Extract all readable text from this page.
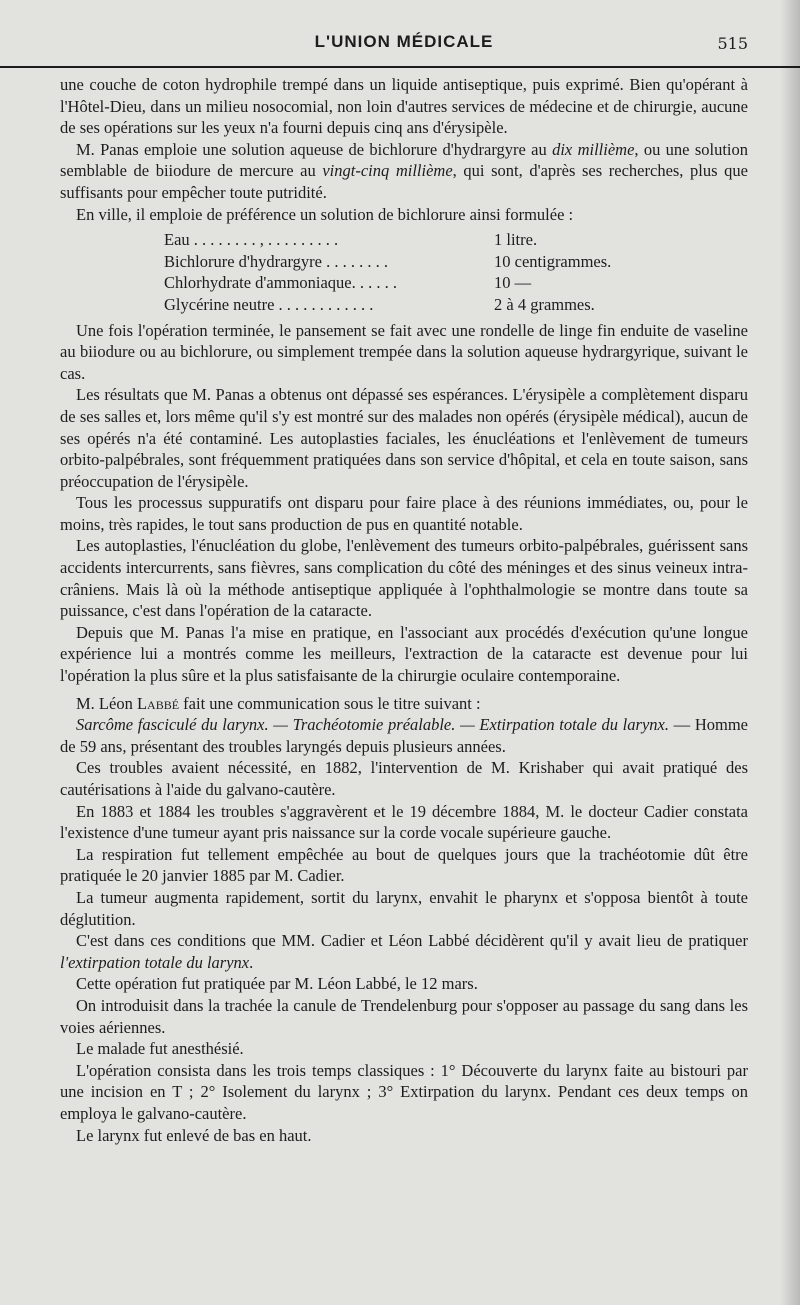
L'UNION MÉDICALE	515

une couche de coton hydrophile trempé dans un liquide antiseptique, puis exprimé. Bien qu'opérant à l'Hôtel-Dieu, dans un milieu nosocomial, non loin d'autres services de médecine et de chirurgie, aucune de ses opérations sur les yeux n'a fourni depuis cinq ans d'érysipèle.

M. Panas emploie une solution aqueuse de bichlorure d'hydrargyre au dix millième, ou une solution semblable de biiodure de mercure au vingt-cinq millième, qui sont, d'après ses recherches, plus que suffisants pour empêcher toute putridité.

En ville, il emploie de préférence un solution de bichlorure ainsi formulée :

Eau . . . . . . . . , . . . . . . . . .	1 litre.
Bichlorure d'hydrargyre . . . . . . . .	10 centigrammes.
Chlorhydrate d'ammoniaque. . . . . .	10 —
Glycérine neutre . . . . . . . . . . . .	2 à 4 grammes.

Une fois l'opération terminée, le pansement se fait avec une rondelle de linge fin enduite de vaseline au biiodure ou au bichlorure, ou simplement trempée dans la solution aqueuse hydrargyrique, suivant le cas.

Les résultats que M. Panas a obtenus ont dépassé ses espérances. L'érysipèle a complètement disparu de ses salles et, lors même qu'il s'y est montré sur des malades non opérés (érysipèle médical), aucun de ses opérés n'a été contaminé. Les autoplasties faciales, les énucléations et l'enlèvement de tumeurs orbito-palpébrales, sont fréquemment pratiquées dans son service d'hôpital, et cela en toute saison, sans préoccupation de l'érysipèle.

Tous les processus suppuratifs ont disparu pour faire place à des réunions immédiates, ou, pour le moins, très rapides, le tout sans production de pus en quantité notable.

Les autoplasties, l'énucléation du globe, l'enlèvement des tumeurs orbito-palpébrales, guérissent sans accidents intercurrents, sans fièvres, sans complication du côté des méninges et des sinus veineux intra-crâniens. Mais là où la méthode antiseptique appliquée à l'ophthalmologie se montre dans toute sa puissance, c'est dans l'opération de la cataracte.

Depuis que M. Panas l'a mise en pratique, en l'associant aux procédés d'exécution qu'une longue expérience lui a montrés comme les meilleurs, l'extraction de la cataracte est devenue pour lui l'opération la plus sûre et la plus satisfaisante de la chirurgie oculaire contemporaine.

M. Léon Labbé fait une communication sous le titre suivant :

Sarcôme fasciculé du larynx. — Trachéotomie préalable. — Extirpation totale du larynx. — Homme de 59 ans, présentant des troubles laryngés depuis plusieurs années.

Ces troubles avaient nécessité, en 1882, l'intervention de M. Krishaber qui avait pratiqué des cautérisations à l'aide du galvano-cautère.

En 1883 et 1884 les troubles s'aggravèrent et le 19 décembre 1884, M. le docteur Cadier constata l'existence d'une tumeur ayant pris naissance sur la corde vocale supérieure gauche.

La respiration fut tellement empêchée au bout de quelques jours que la trachéotomie dût être pratiquée le 20 janvier 1885 par M. Cadier.

La tumeur augmenta rapidement, sortit du larynx, envahit le pharynx et s'opposa bientôt à toute déglutition.

C'est dans ces conditions que MM. Cadier et Léon Labbé décidèrent qu'il y avait lieu de pratiquer l'extirpation totale du larynx.

Cette opération fut pratiquée par M. Léon Labbé, le 12 mars.

On introduisit dans la trachée la canule de Trendelenburg pour s'opposer au passage du sang dans les voies aériennes.

Le malade fut anesthésié.

L'opération consista dans les trois temps classiques : 1° Découverte du larynx faite au bistouri par une incision en T ; 2° Isolement du larynx ; 3° Extirpation du larynx. Pendant ces deux temps on employa le galvano-cautère.

Le larynx fut enlevé de bas en haut.
